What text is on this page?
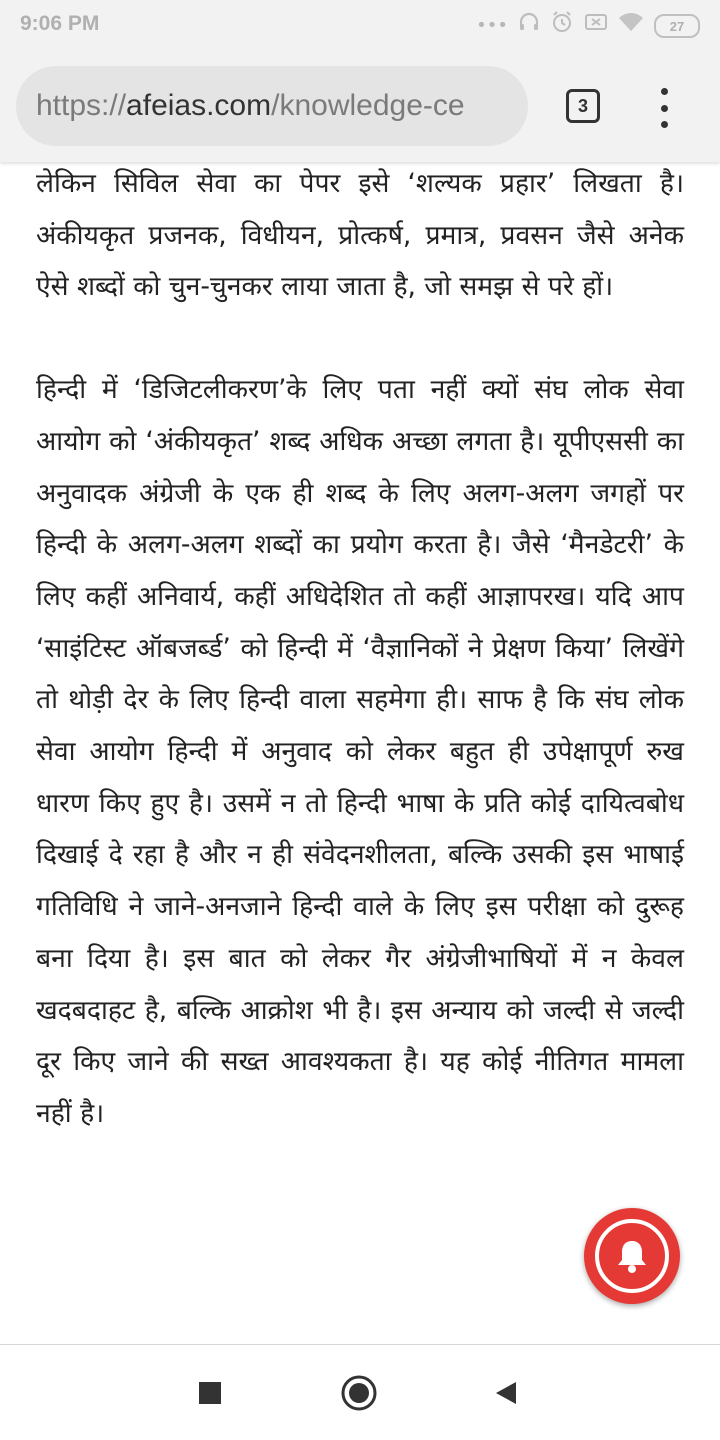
9:06 PM	•••	27
https://afeias.com/knowledge-ce	3

लेकिन सिविल सेवा का पेपर इसे ‘शल्यक प्रहार’ लिखता है। अंकीयकृत प्रजनक, विधीयन, प्रोत्कर्ष, प्रमात्र, प्रवसन जैसे अनेक ऐसे शब्दों को चुन-चुनकर लाया जाता है, जो समझ से परे हों।

हिन्दी में ‘डिजिटलीकरण’के लिए पता नहीं क्यों संघ लोक सेवा आयोग को ‘अंकीयकृत’ शब्द अधिक अच्छा लगता है। यूपीएससी का अनुवादक अंग्रेजी के एक ही शब्द के लिए अलग-अलग जगहों पर हिन्दी के अलग-अलग शब्दों का प्रयोग करता है। जैसे ‘मैनडेटरी’ के लिए कहीं अनिवार्य, कहीं अधिदेशित तो कहीं आज्ञापरख। यदि आप ‘साइंटिस्ट ऑबजर्ब्ड’ को हिन्दी में ‘वैज्ञानिकों ने प्रेक्षण किया’ लिखेंगे तो थोड़ी देर के लिए हिन्दी वाला सहमेगा ही। साफ है कि संघ लोक सेवा आयोग हिन्दी में अनुवाद को लेकर बहुत ही उपेक्षापूर्ण रुख धारण किए हुए है। उसमें न तो हिन्दी भाषा के प्रति कोई दायित्वबोध दिखाई दे रहा है और न ही संवेदनशीलता, बल्कि उसकी इस भाषाई गतिविधि ने जाने-अनजाने हिन्दी वाले के लिए इस परीक्षा को दुरूह बना दिया है। इस बात को लेकर गैर अंग्रेजीभाषियों में न केवल खदबदाहट है, बल्कि आक्रोश भी है। इस अन्याय को जल्दी से जल्दी दूर किए जाने की सख्त आवश्यकता है। यह कोई नीतिगत मामला नहीं है।
